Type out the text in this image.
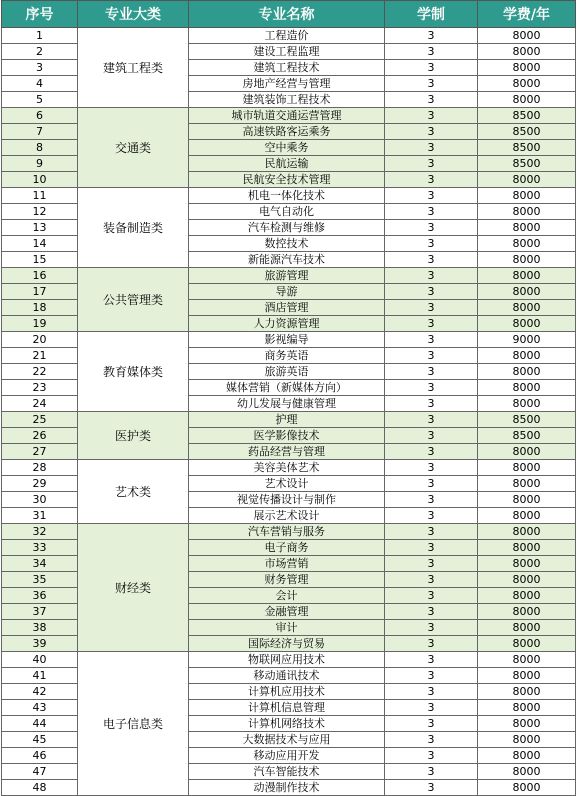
序号	专业大类	专业名称	学制	学费/年
1	建筑工程类	工程造价	3	8000
2		建设工程监理	3	8000
3		建筑工程技术	3	8000
4		房地产经营与管理	3	8000
5		建筑装饰工程技术	3	8000
6	交通类	城市轨道交通运营管理	3	8500
7		高速铁路客运乘务	3	8500
8		空中乘务	3	8500
9		民航运输	3	8500
10		民航安全技术管理	3	8000
11	装备制造类	机电一体化技术	3	8000
12		电气自动化	3	8000
13		汽车检测与维修	3	8000
14		数控技术	3	8000
15		新能源汽车技术	3	8000
16	公共管理类	旅游管理	3	8000
17		导游	3	8000
18		酒店管理	3	8000
19		人力资源管理	3	8000
20	教育媒体类	影视编导	3	9000
21		商务英语	3	8000
22		旅游英语	3	8000
23		媒体营销（新媒体方向）	3	8000
24		幼儿发展与健康管理	3	8000
25	医护类	护理	3	8500
26		医学影像技术	3	8500
27		药品经营与管理	3	8000
28	艺术类	美容美体艺术	3	8000
29		艺术设计	3	8000
30		视觉传播设计与制作	3	8000
31		展示艺术设计	3	8000
32	财经类	汽车营销与服务	3	8000
33		电子商务	3	8000
34		市场营销	3	8000
35		财务管理	3	8000
36		会计	3	8000
37		金融管理	3	8000
38		审计	3	8000
39		国际经济与贸易	3	8000
40	电子信息类	物联网应用技术	3	8000
41		移动通讯技术	3	8000
42		计算机应用技术	3	8000
43		计算机信息管理	3	8000
44		计算机网络技术	3	8000
45		大数据技术与应用	3	8000
46		移动应用开发	3	8000
47		汽车智能技术	3	8000
48		动漫制作技术	3	8000
